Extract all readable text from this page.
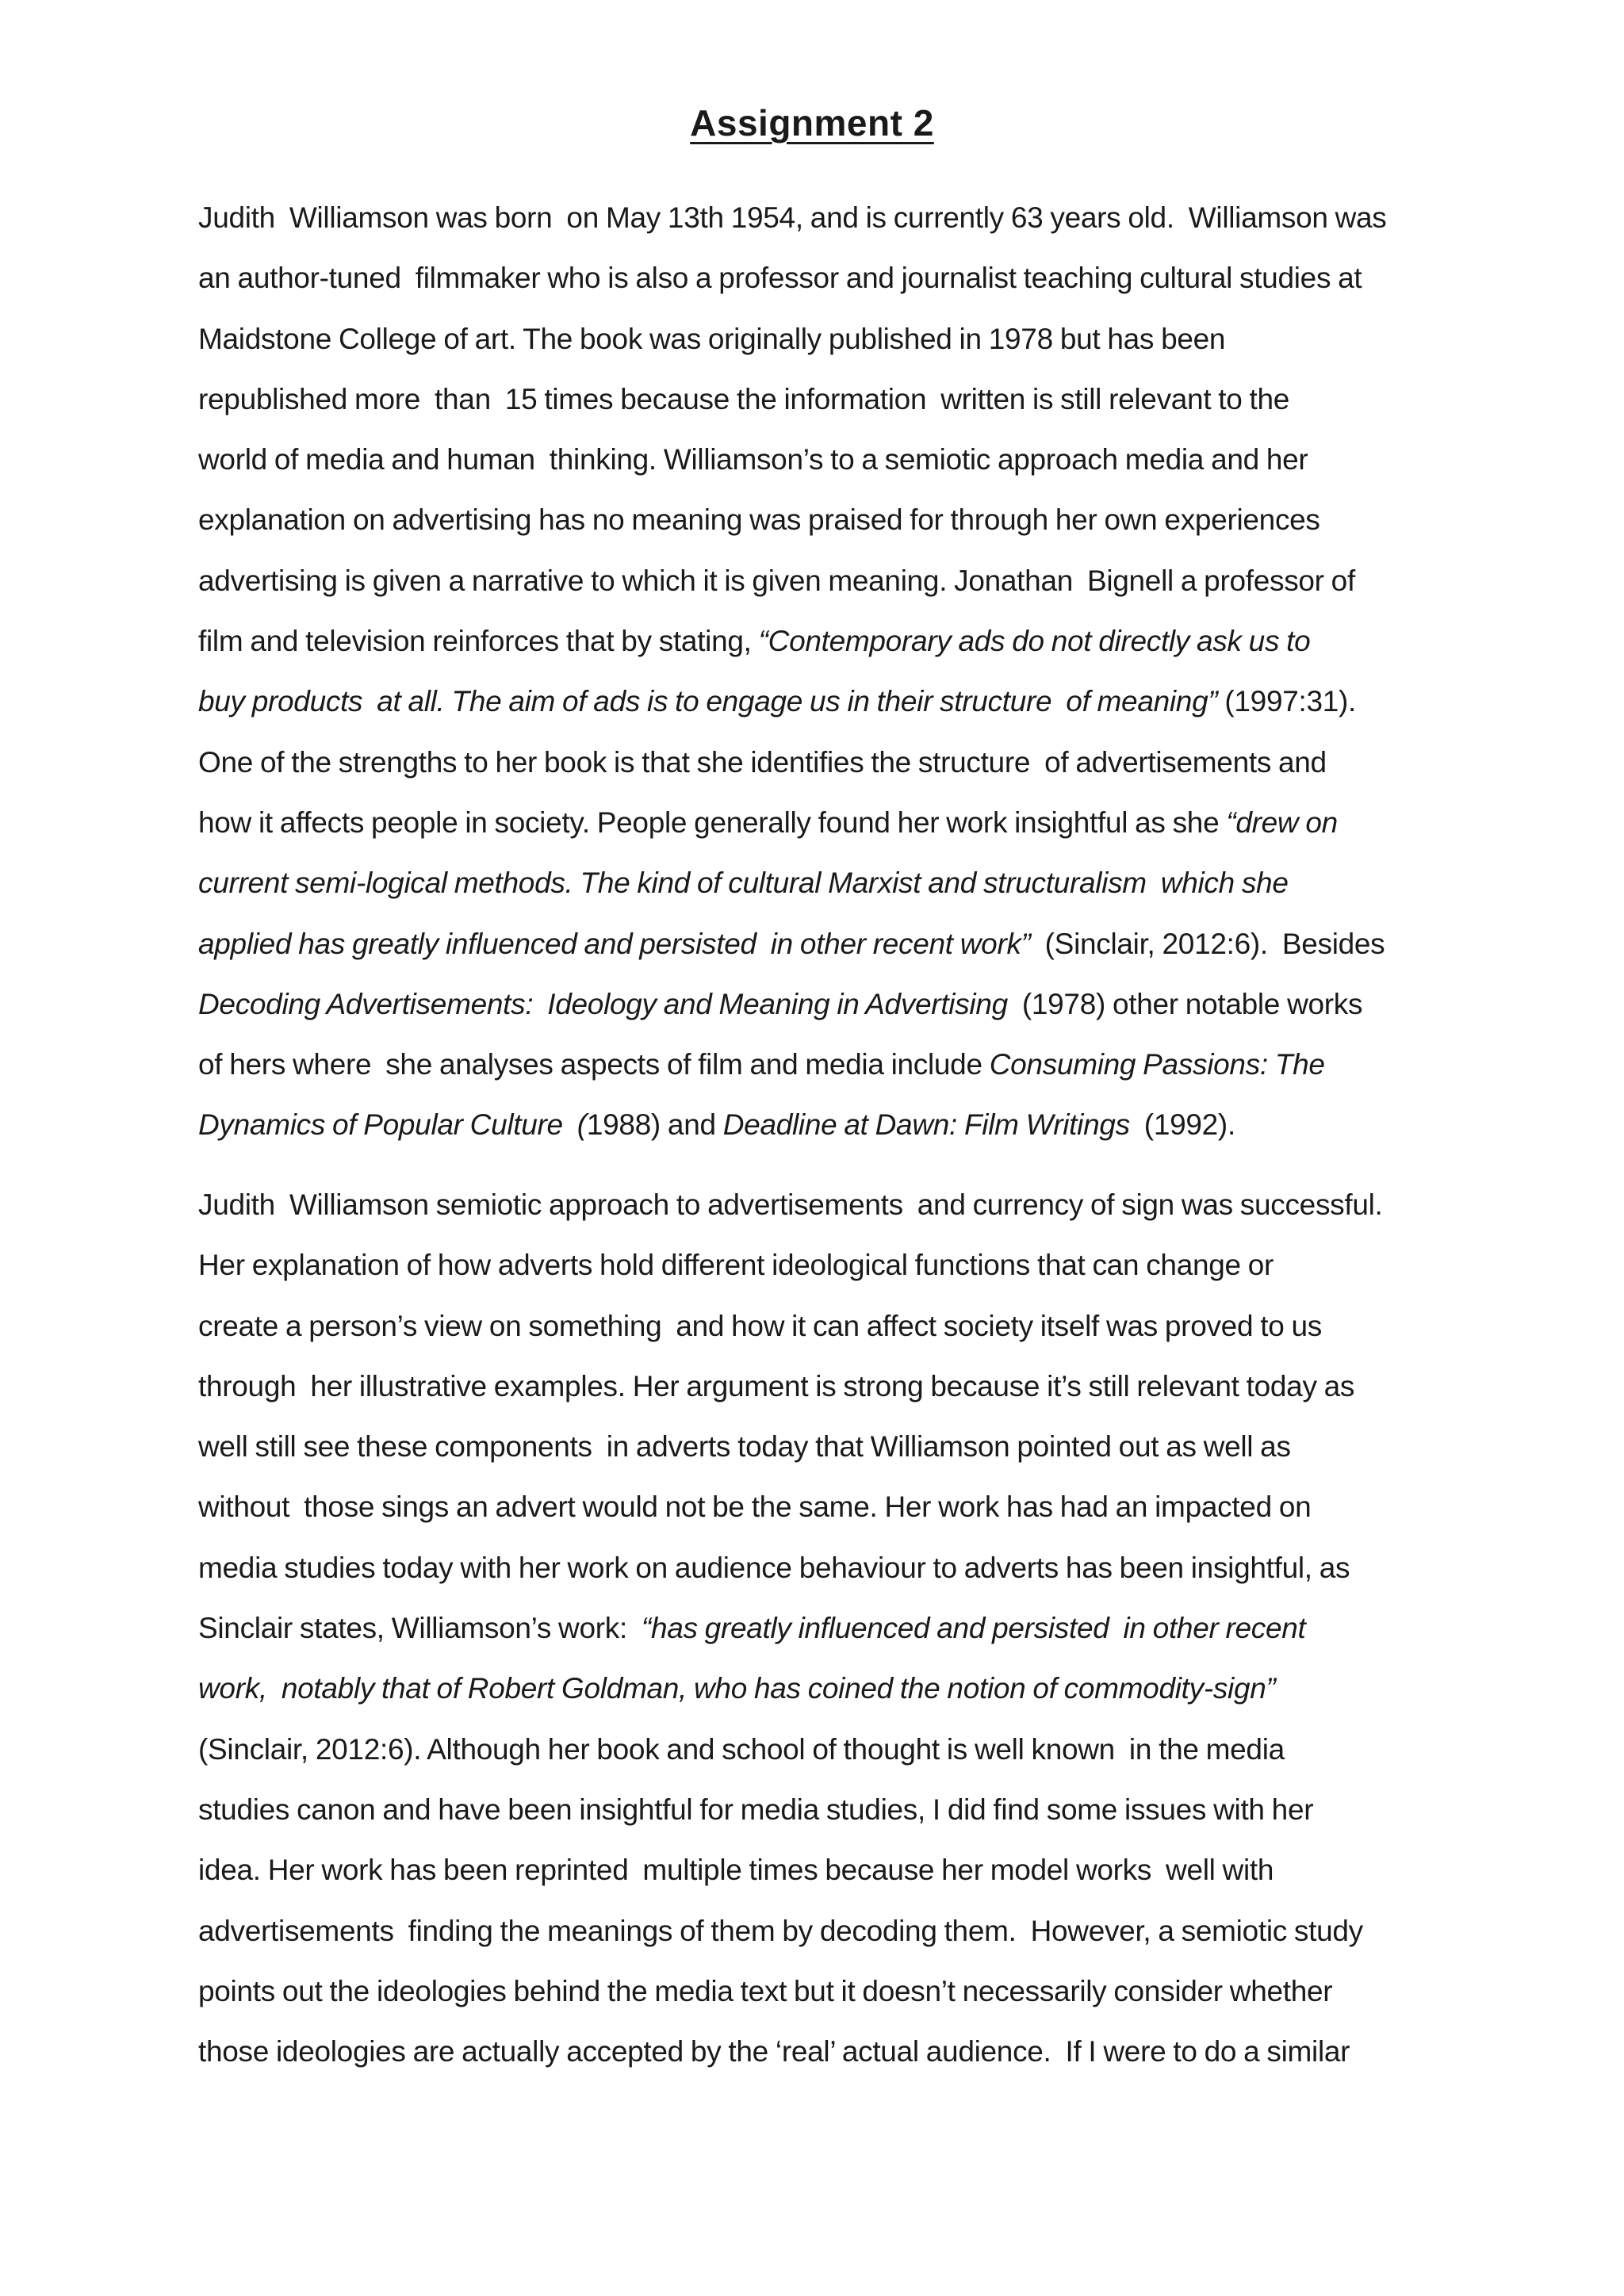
Assignment 2
Judith  Williamson was born  on May 13th 1954, and is currently 63 years old.  Williamson was
an author-tuned  filmmaker who is also a professor and journalist teaching cultural studies at
Maidstone College of art. The book was originally published in 1978 but has been
republished more  than  15 times because the information  written is still relevant to the
world of media and human  thinking. Williamson’s to a semiotic approach media and her
explanation on advertising has no meaning was praised for through her own experiences
advertising is given a narrative to which it is given meaning. Jonathan  Bignell a professor of
film and television reinforces that by stating, “Contemporary ads do not directly ask us to
buy products  at all. The aim of ads is to engage us in their structure  of meaning” (1997:31).
One of the strengths to her book is that she identifies the structure  of advertisements and
how it affects people in society. People generally found her work insightful as she “drew on
current semi-logical methods. The kind of cultural Marxist and structuralism  which she
applied has greatly influenced and persisted  in other recent work”  (Sinclair, 2012:6).  Besides
Decoding Advertisements:  Ideology and Meaning in Advertising  (1978) other notable works
of hers where  she analyses aspects of film and media include Consuming Passions: The
Dynamics of Popular Culture  (1988) and Deadline at Dawn: Film Writings  (1992).
Judith  Williamson semiotic approach to advertisements  and currency of sign was successful.
Her explanation of how adverts hold different ideological functions that can change or
create a person’s view on something  and how it can affect society itself was proved to us
through  her illustrative examples. Her argument is strong because it’s still relevant today as
well still see these components  in adverts today that Williamson pointed out as well as
without  those sings an advert would not be the same. Her work has had an impacted on
media studies today with her work on audience behaviour to adverts has been insightful, as
Sinclair states, Williamson’s work:  “has greatly influenced and persisted  in other recent
work,  notably that of Robert Goldman, who has coined the notion of commodity-sign”
(Sinclair, 2012:6). Although her book and school of thought is well known  in the media
studies canon and have been insightful for media studies, I did find some issues with her
idea. Her work has been reprinted  multiple times because her model works  well with
advertisements  finding the meanings of them by decoding them.  However, a semiotic study
points out the ideologies behind the media text but it doesn’t necessarily consider whether
those ideologies are actually accepted by the ‘real’ actual audience.  If I were to do a similar
